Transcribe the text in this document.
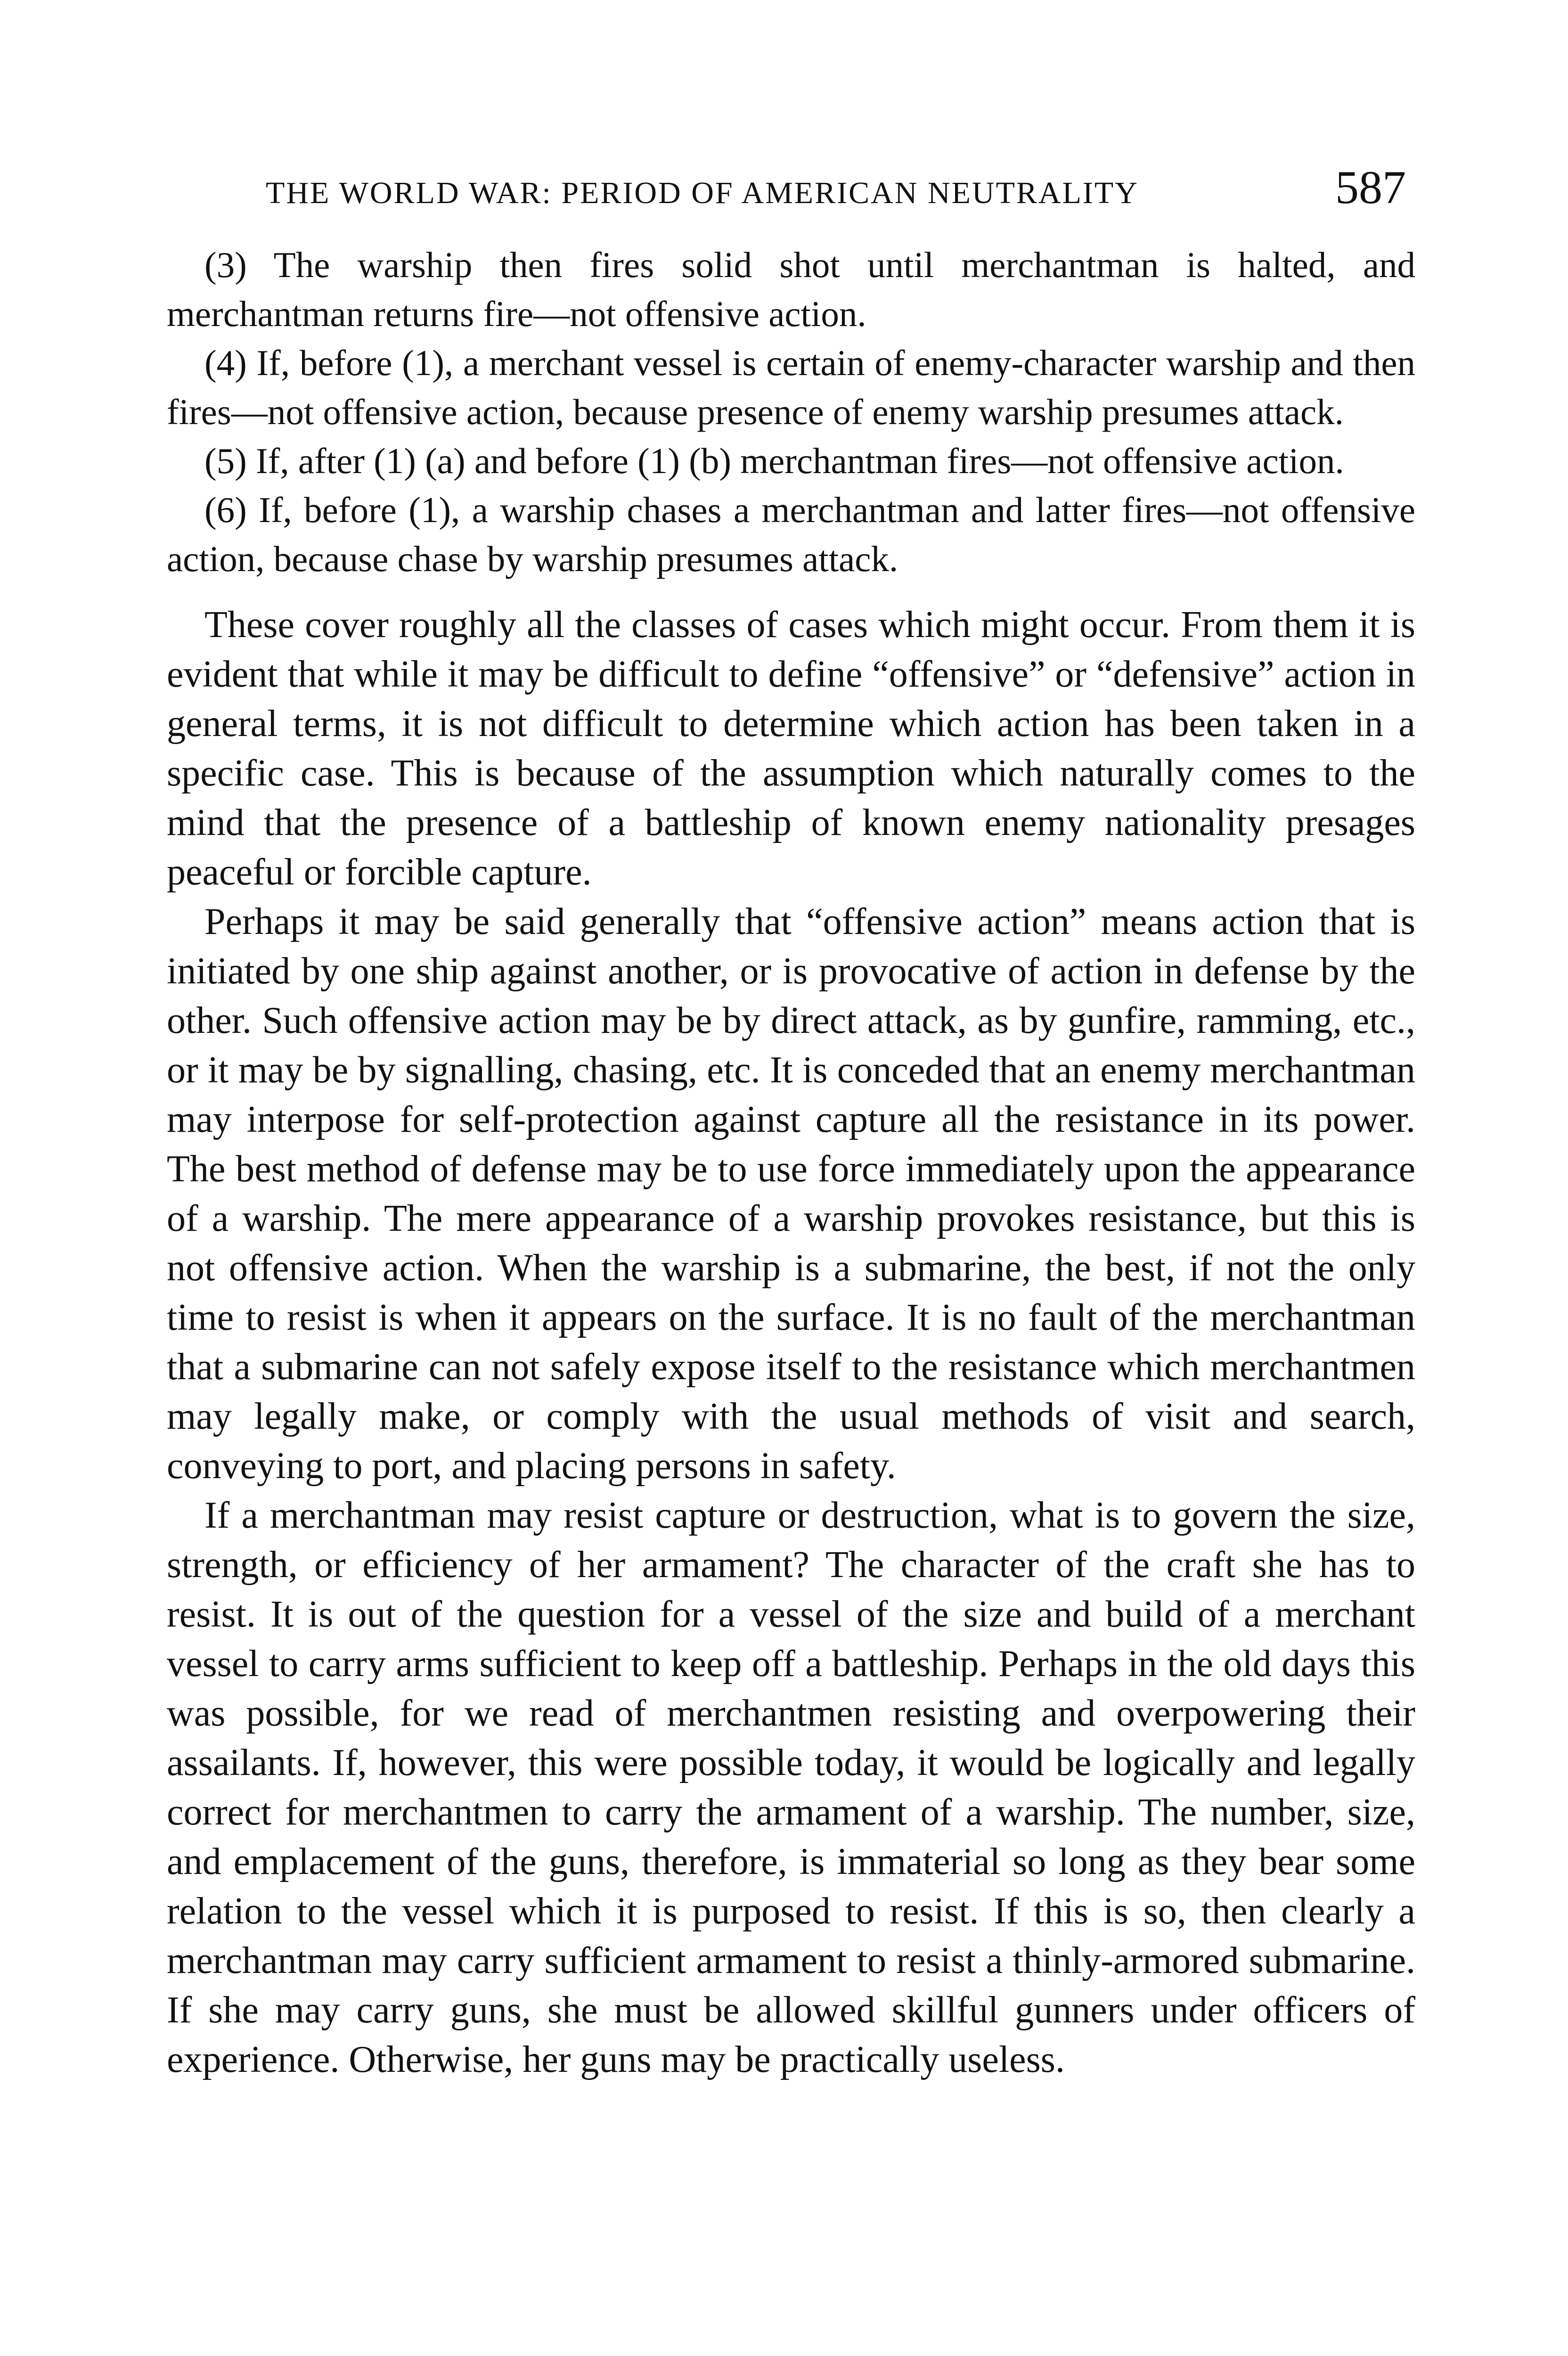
THE WORLD WAR: PERIOD OF AMERICAN NEUTRALITY	587

(3) The warship then fires solid shot until merchantman is halted, and merchantman returns fire—not offensive action.

(4) If, before (1), a merchant vessel is certain of enemy-character warship and then fires—not offensive action, because presence of enemy warship presumes attack.

(5) If, after (1) (a) and before (1) (b) merchantman fires—not offensive action.

(6) If, before (1), a warship chases a merchantman and latter fires—not offensive action, because chase by warship presumes attack.

These cover roughly all the classes of cases which might occur. From them it is evident that while it may be difficult to define “offensive” or “defensive” action in general terms, it is not difficult to determine which action has been taken in a specific case. This is because of the assumption which naturally comes to the mind that the presence of a battleship of known enemy nationality presages peaceful or forcible capture.

Perhaps it may be said generally that “offensive action” means action that is initiated by one ship against another, or is provocative of action in defense by the other. Such offensive action may be by direct attack, as by gunfire, ramming, etc., or it may be by signalling, chasing, etc. It is conceded that an enemy merchantman may interpose for self-protection against capture all the resistance in its power. The best method of defense may be to use force immediately upon the appearance of a warship. The mere appearance of a warship provokes resistance, but this is not offensive action. When the warship is a submarine, the best, if not the only time to resist is when it appears on the surface. It is no fault of the merchantman that a submarine can not safely expose itself to the resistance which merchantmen may legally make, or comply with the usual methods of visit and search, conveying to port, and placing persons in safety.

If a merchantman may resist capture or destruction, what is to govern the size, strength, or efficiency of her armament? The character of the craft she has to resist. It is out of the question for a vessel of the size and build of a merchant vessel to carry arms sufficient to keep off a battleship. Perhaps in the old days this was possible, for we read of merchantmen resisting and overpowering their assailants. If, however, this were possible today, it would be logically and legally correct for merchantmen to carry the armament of a warship. The number, size, and emplacement of the guns, therefore, is immaterial so long as they bear some relation to the vessel which it is purposed to resist. If this is so, then clearly a merchantman may carry sufficient armament to resist a thinly-armored submarine. If she may carry guns, she must be allowed skillful gunners under officers of experience. Otherwise, her guns may be practically useless.
